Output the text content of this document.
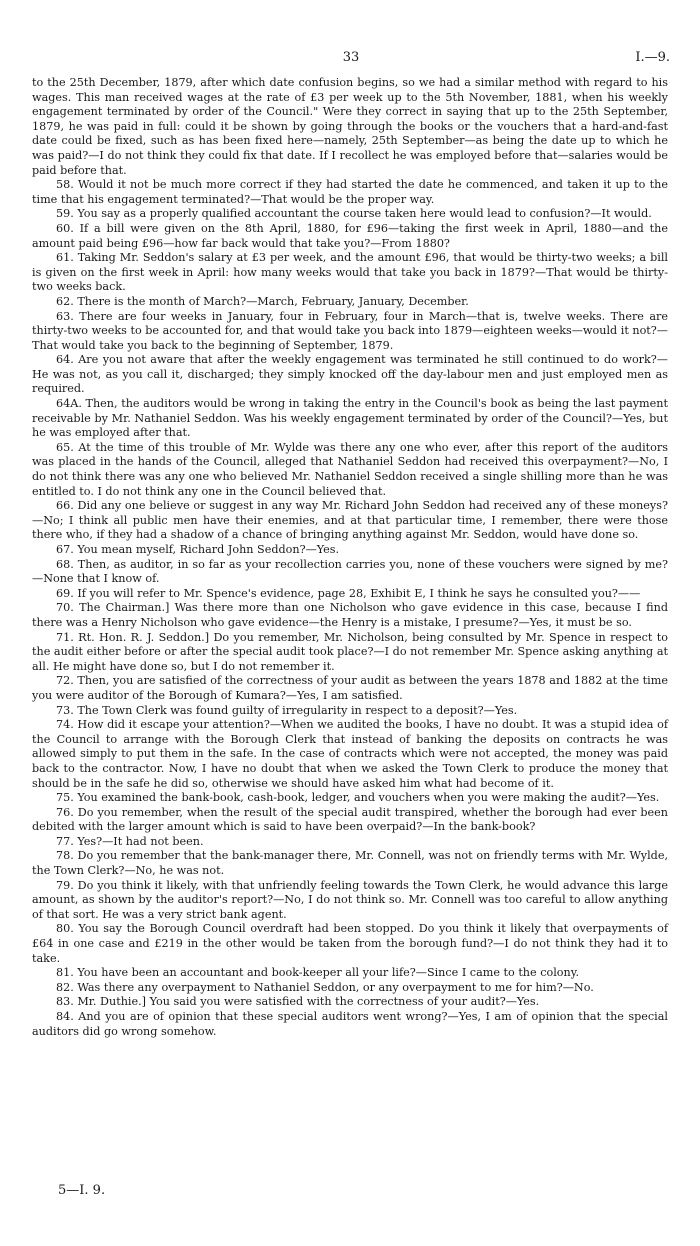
33	I.—9.

to the 25th December, 1879, after which date confusion begins, so we had a similar method with regard to his wages. This man received wages at the rate of £3 per week up to the 5th November, 1881, when his weekly engagement terminated by order of the Council." Were they correct in saying that up to the 25th September, 1879, he was paid in full: could it be shown by going through the books or the vouchers that a hard-and-fast date could be fixed, such as has been fixed here—namely, 25th September—as being the date up to which he was paid?—I do not think they could fix that date. If I recollect he was employed before that—salaries would be paid before that.

58. Would it not be much more correct if they had started the date he commenced, and taken it up to the time that his engagement terminated?—That would be the proper way.

59. You say as a properly qualified accountant the course taken here would lead to confusion?—It would.

60. If a bill were given on the 8th April, 1880, for £96—taking the first week in April, 1880—and the amount paid being £96—how far back would that take you?—From 1880?

61. Taking Mr. Seddon's salary at £3 per week, and the amount £96, that would be thirty-two weeks; a bill is given on the first week in April: how many weeks would that take you back in 1879?—That would be thirty-two weeks back.

62. There is the month of March?—March, February, January, December.

63. There are four weeks in January, four in February, four in March—that is, twelve weeks. There are thirty-two weeks to be accounted for, and that would take you back into 1879—eighteen weeks—would it not?—That would take you back to the beginning of September, 1879.

64. Are you not aware that after the weekly engagement was terminated he still continued to do work?—He was not, as you call it, discharged; they simply knocked off the day-labour men and just employed men as required.

64A. Then, the auditors would be wrong in taking the entry in the Council's book as being the last payment receivable by Mr. Nathaniel Seddon. Was his weekly engagement terminated by order of the Council?—Yes, but he was employed after that.

65. At the time of this trouble of Mr. Wylde was there any one who ever, after this report of the auditors was placed in the hands of the Council, alleged that Nathaniel Seddon had received this overpayment?—No, I do not think there was any one who believed Mr. Nathaniel Seddon received a single shilling more than he was entitled to. I do not think any one in the Council believed that.

66. Did any one believe or suggest in any way Mr. Richard John Seddon had received any of these moneys?—No; I think all public men have their enemies, and at that particular time, I remember, there were those there who, if they had a shadow of a chance of bringing anything against Mr. Seddon, would have done so.

67. You mean myself, Richard John Seddon?—Yes.

68. Then, as auditor, in so far as your recollection carries you, none of these vouchers were signed by me?—None that I know of.

69. If you will refer to Mr. Spence's evidence, page 28, Exhibit E, I think he says he consulted you?——

70. The Chairman.] Was there more than one Nicholson who gave evidence in this case, because I find there was a Henry Nicholson who gave evidence—the Henry is a mistake, I presume?—Yes, it must be so.

71. Rt. Hon. R. J. Seddon.] Do you remember, Mr. Nicholson, being consulted by Mr. Spence in respect to the audit either before or after the special audit took place?—I do not remember Mr. Spence asking anything at all. He might have done so, but I do not remember it.

72. Then, you are satisfied of the correctness of your audit as between the years 1878 and 1882 at the time you were auditor of the Borough of Kumara?—Yes, I am satisfied.

73. The Town Clerk was found guilty of irregularity in respect to a deposit?—Yes.

74. How did it escape your attention?—When we audited the books, I have no doubt. It was a stupid idea of the Council to arrange with the Borough Clerk that instead of banking the deposits on contracts he was allowed simply to put them in the safe. In the case of contracts which were not accepted, the money was paid back to the contractor. Now, I have no doubt that when we asked the Town Clerk to produce the money that should be in the safe he did so, otherwise we should have asked him what had become of it.

75. You examined the bank-book, cash-book, ledger, and vouchers when you were making the audit?—Yes.

76. Do you remember, when the result of the special audit transpired, whether the borough had ever been debited with the larger amount which is said to have been overpaid?—In the bank-book?

77. Yes?—It had not been.

78. Do you remember that the bank-manager there, Mr. Connell, was not on friendly terms with Mr. Wylde, the Town Clerk?—No, he was not.

79. Do you think it likely, with that unfriendly feeling towards the Town Clerk, he would advance this large amount, as shown by the auditor's report?—No, I do not think so. Mr. Connell was too careful to allow anything of that sort. He was a very strict bank agent.

80. You say the Borough Council overdraft had been stopped. Do you think it likely that overpayments of £64 in one case and £219 in the other would be taken from the borough fund?—I do not think they had it to take.

81. You have been an accountant and book-keeper all your life?—Since I came to the colony.

82. Was there any overpayment to Nathaniel Seddon, or any overpayment to me for him?—No.

83. Mr. Duthie.] You said you were satisfied with the correctness of your audit?—Yes.

84. And you are of opinion that these special auditors went wrong?—Yes, I am of opinion that the special auditors did go wrong somehow.

5—I. 9.
